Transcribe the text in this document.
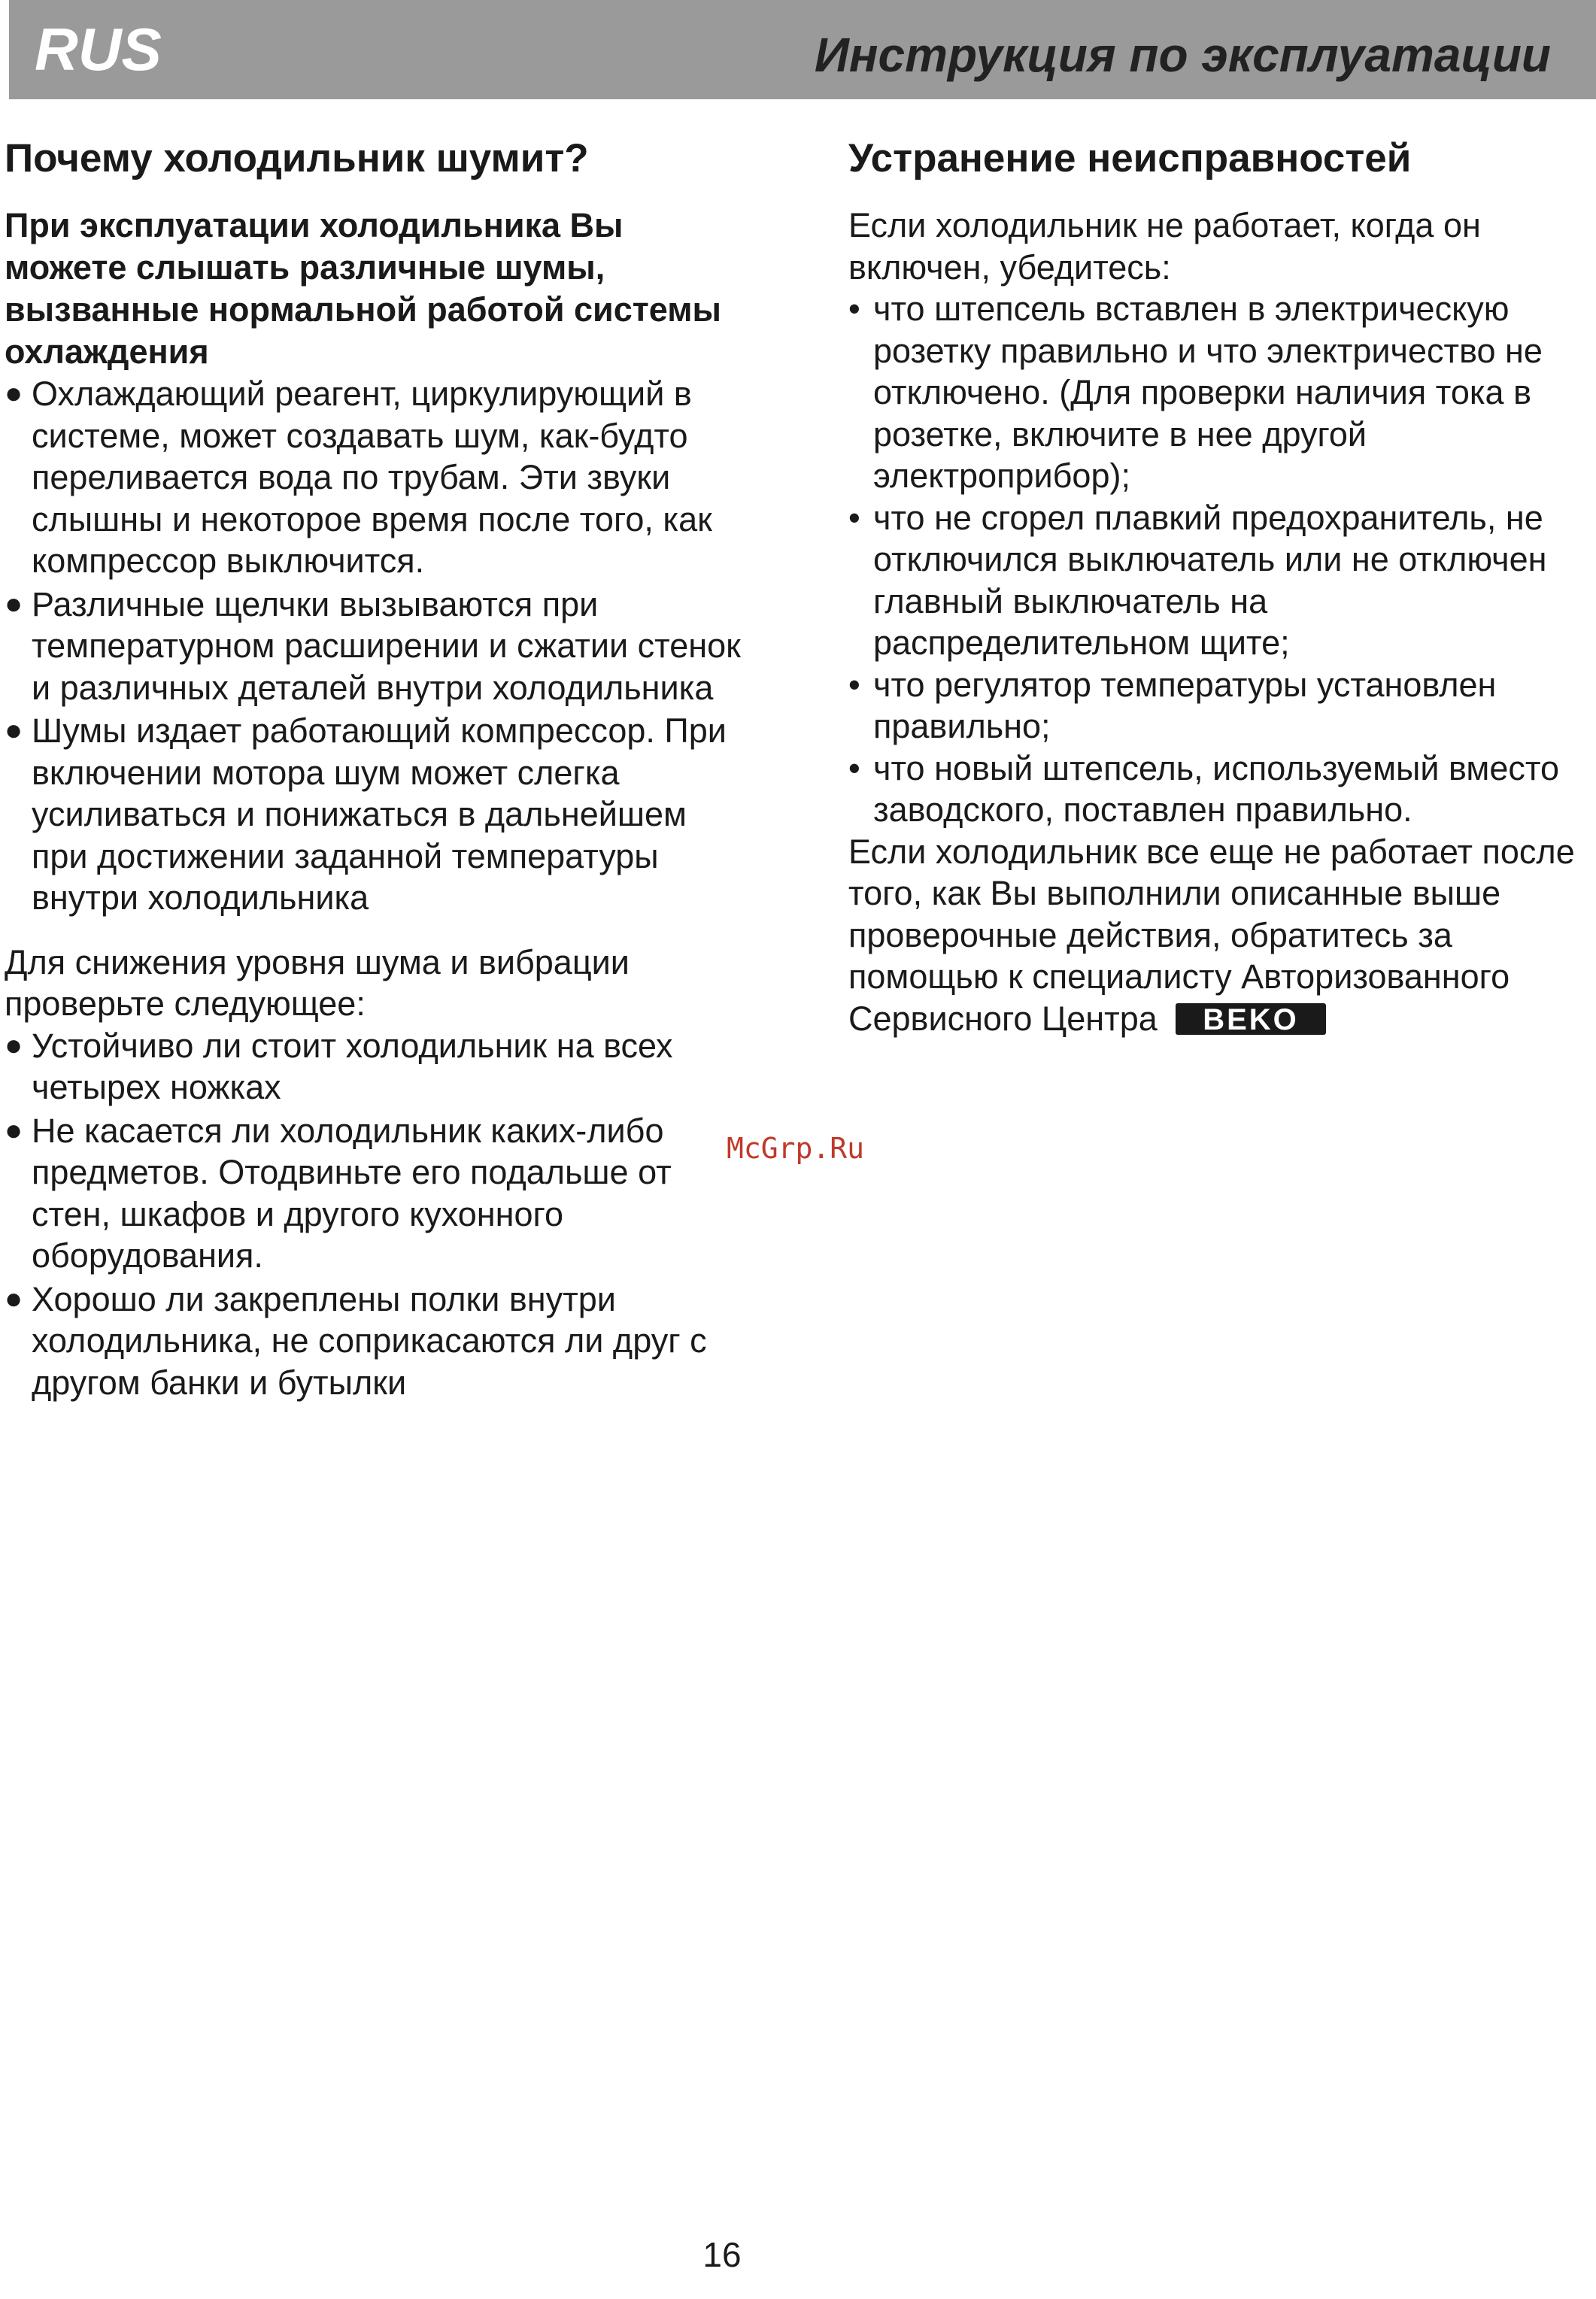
RUS	Инструкция по эксплуатации
Почему холодильник шумит?

При эксплуатации холодильника Вы можете слышать различные шумы, вызванные нормальной работой системы охлаждения

● Охлаждающий реагент, циркулирующий в системе, может создавать шум, как-будто переливается вода по трубам. Эти звуки слышны и некоторое время после того, как компрессор выключится.
● Различные щелчки вызываются при температурном расширении и сжатии стенок и различных деталей внутри холодильника
● Шумы издает работающий компрессор. При включении мотора шум может слегка усиливаться и понижаться в дальнейшем при достижении заданной температуры внутри холодильника

Для снижения уровня шума и вибрации проверьте следующее:

● Устойчиво ли стоит холодильник на всех четырех ножках
● Не касается ли холодильник каких-либо предметов. Отодвиньте его подальше от стен, шкафов и другого кухонного оборудования.
● Хорошо ли закреплены полки внутри холодильника, не соприкасаются ли друг с другом банки и бутылки
Устранение неисправностей

Если холодильник не работает, когда он включен, убедитесь:

• что штепсель вставлен в электрическую розетку правильно и что электричество не отключено. (Для проверки наличия тока в розетке, включите в нее другой электроприбор);
• что не сгорел плавкий предохранитель, не отключился выключатель или не отключен главный выключатель на распределительном щите;
• что регулятор температуры установлен правильно;
• что новый штепсель, используемый вместо заводского, поставлен правильно.

Если холодильник все еще не работает после того, как Вы выполнили описанные выше проверочные действия, обратитесь за помощью к специалисту Авторизованного Сервисного Центра BEKO

McGrp.Ru
16
